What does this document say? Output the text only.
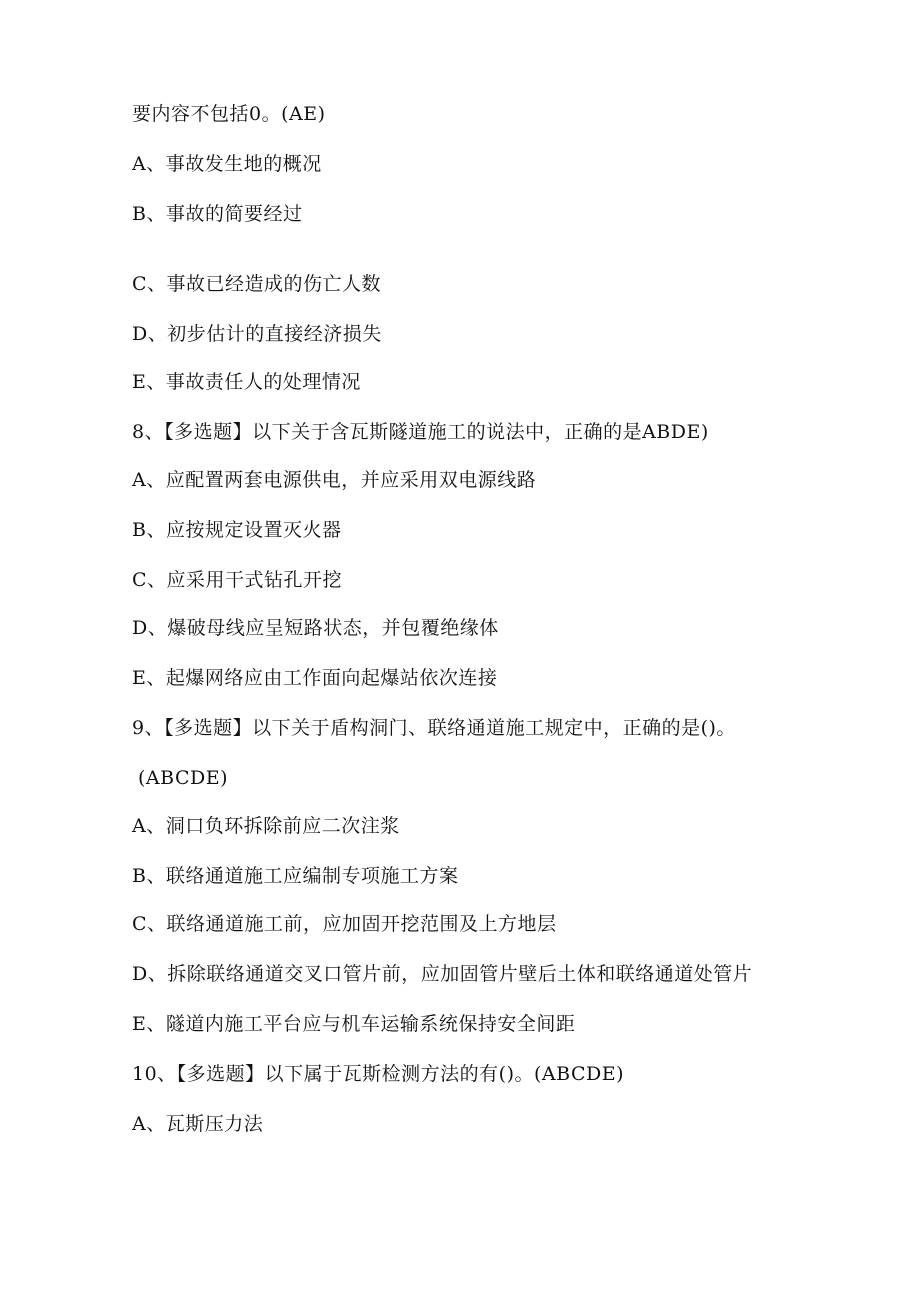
要内容不包括0。(AE)
A、事故发生地的概况
B、事故的简要经过
C、事故已经造成的伤亡人数
D、初步估计的直接经济损失
E、事故责任人的处理情况
8、【多选题】以下关于含瓦斯隧道施工的说法中，正确的是ABDE)
A、应配置两套电源供电，并应采用双电源线路
B、应按规定设置灭火器
C、应采用干式钻孔开挖
D、爆破母线应呈短路状态，并包覆绝缘体
E、起爆网络应由工作面向起爆站依次连接
9、【多选题】以下关于盾构洞门、联络通道施工规定中，正确的是()。
(ABCDE)
A、洞口负环拆除前应二次注浆
B、联络通道施工应编制专项施工方案
C、联络通道施工前，应加固开挖范围及上方地层
D、拆除联络通道交叉口管片前，应加固管片壁后土体和联络通道处管片
E、隧道内施工平台应与机车运输系统保持安全间距
10、【多选题】以下属于瓦斯检测方法的有()。(ABCDE)
A、瓦斯压力法
